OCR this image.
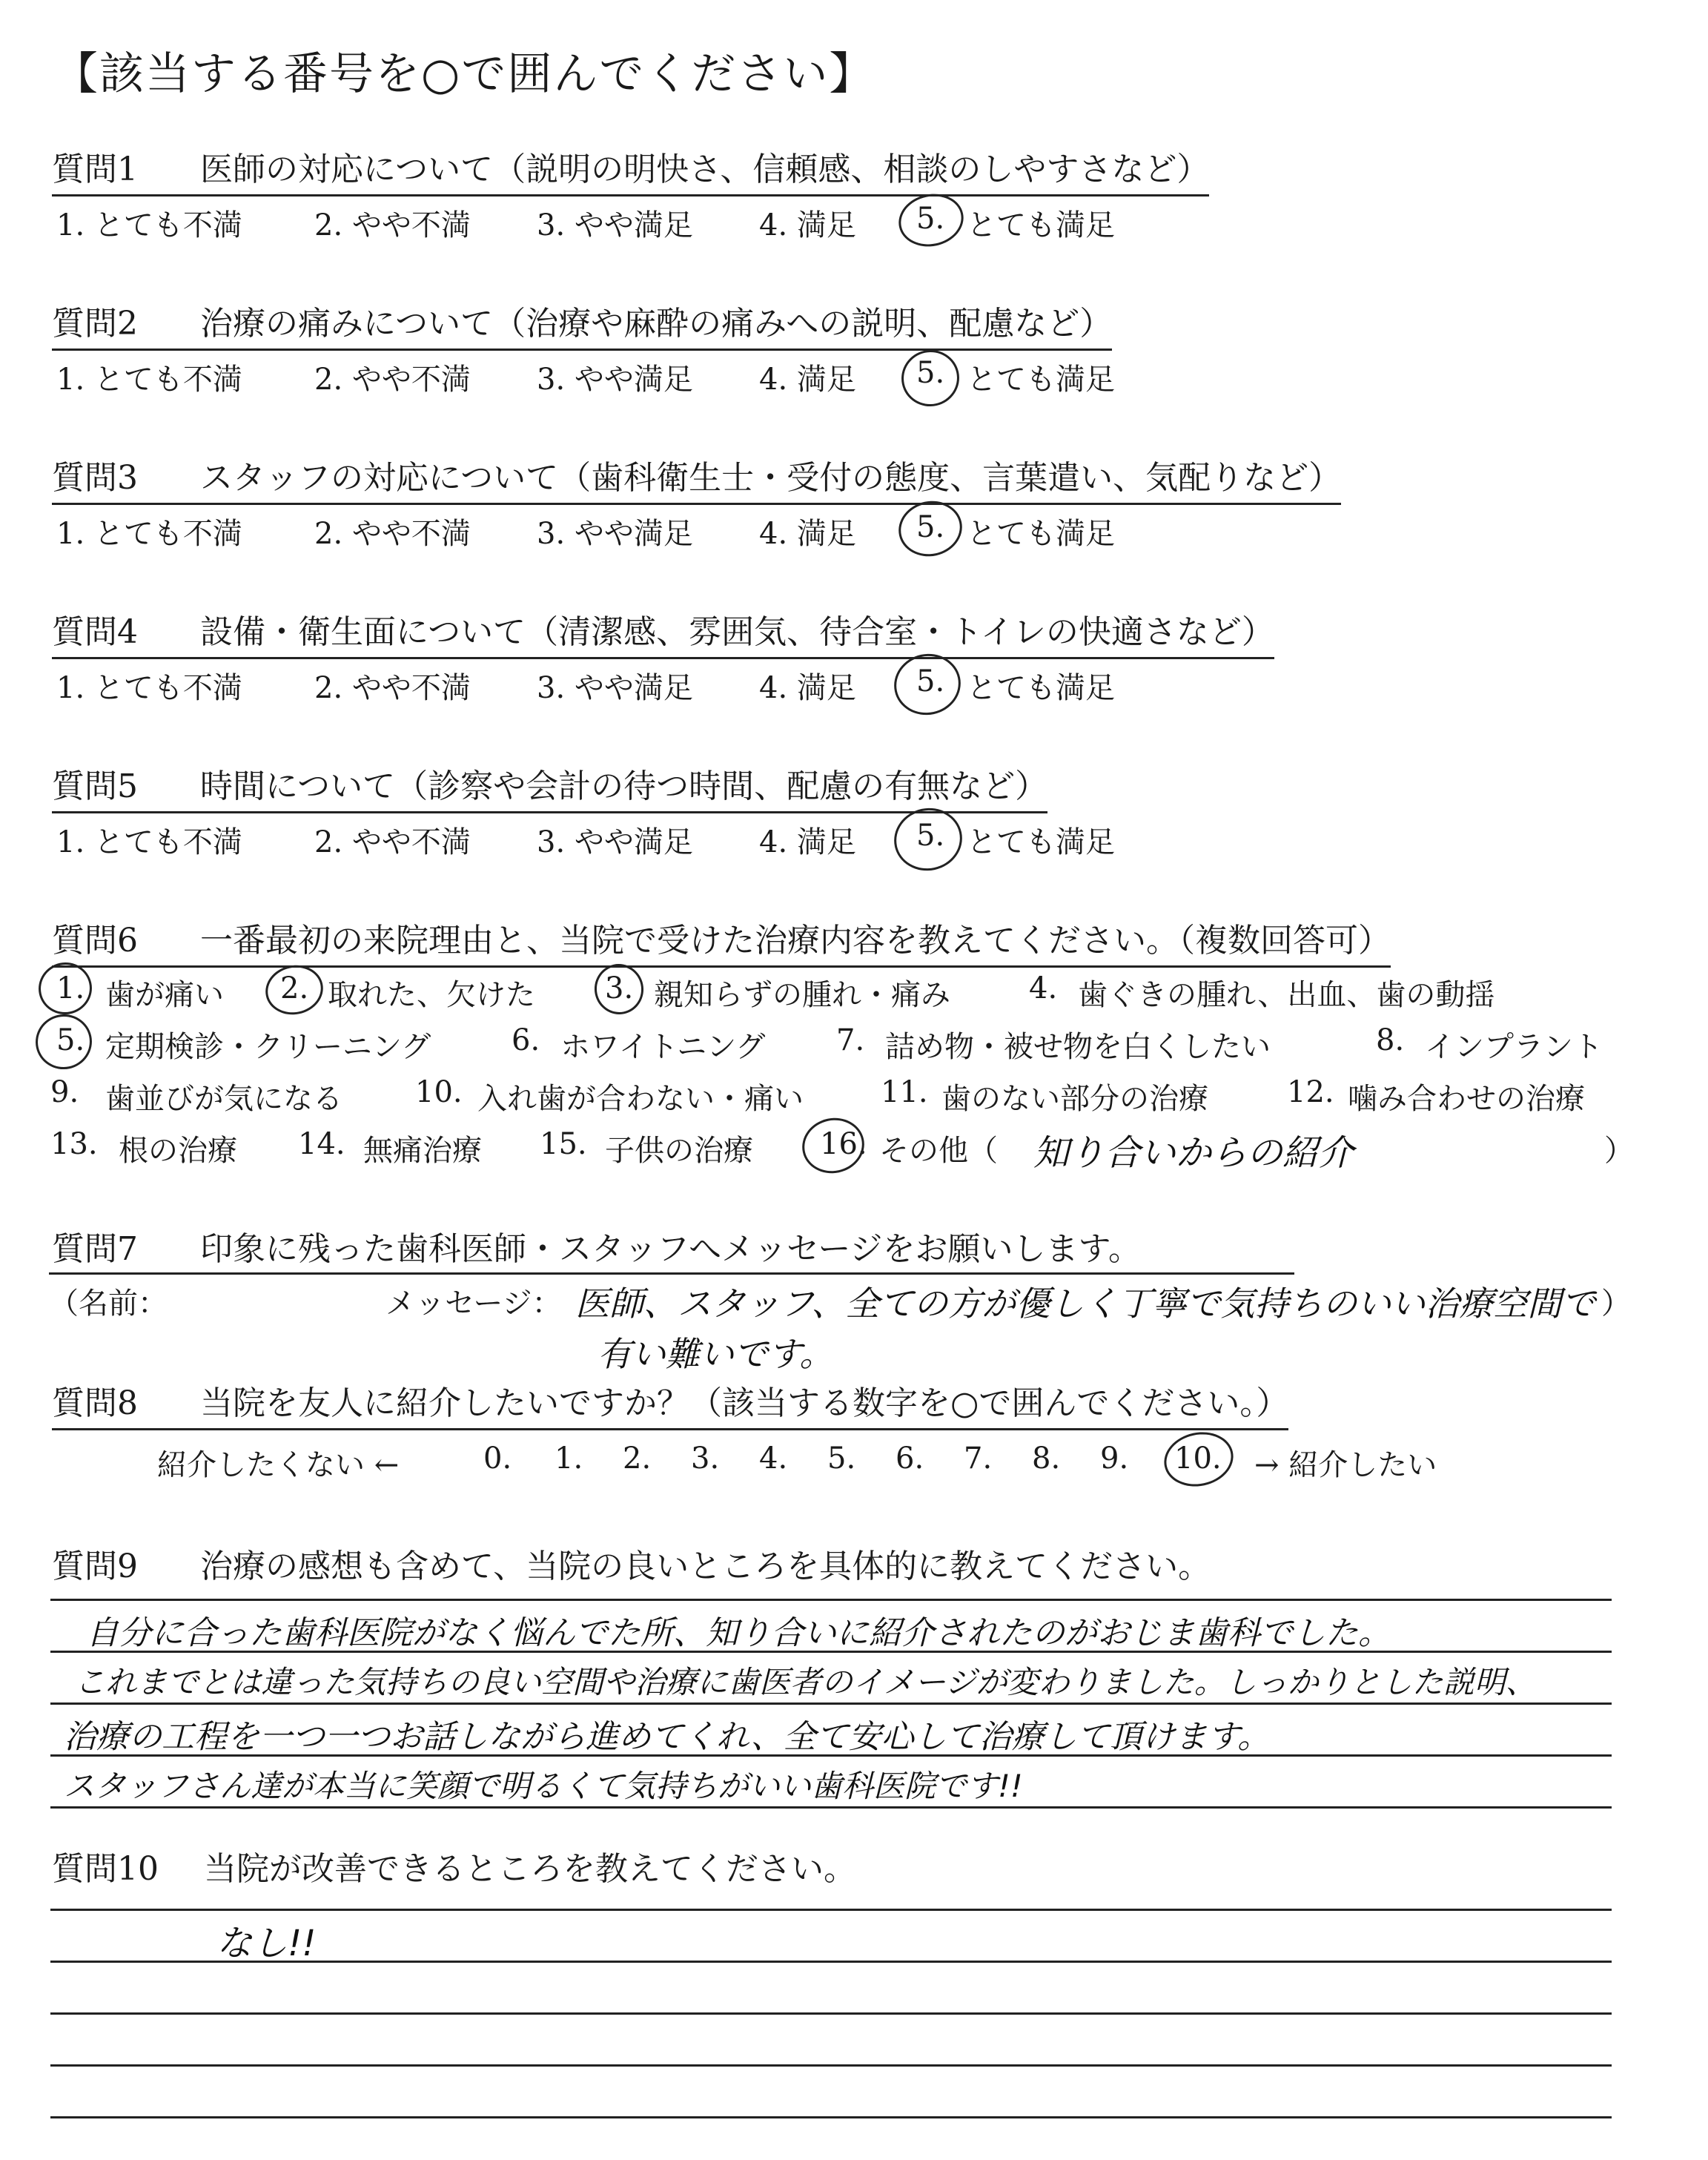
【該当する番号を○で囲んでください】
質問1 医師の対応について（説明の明快さ、信頼感、相談のしやすさなど）
1. とても不満 2. やや不満 3. やや満足 4. 満足 5. とても満足
質問2 治療の痛みについて（治療や麻酔の痛みへの説明、配慮など）
1. とても不満 2. やや不満 3. やや満足 4. 満足 5. とても満足
質問3 スタッフの対応について（歯科衛生士・受付の態度、言葉遣い、気配りなど）
1. とても不満 2. やや不満 3. やや満足 4. 満足 5. とても満足
質問4 設備・衛生面について（清潔感、雰囲気、待合室・トイレの快適さなど）
1. とても不満 2. やや不満 3. やや満足 4. 満足 5. とても満足
質問5 時間について（診察や会計の待つ時間、配慮の有無など）
1. とても不満 2. やや不満 3. やや満足 4. 満足 5. とても満足
質問6 一番最初の来院理由と、当院で受けた治療内容を教えてください。（複数回答可）
1. 歯が痛い 2. 取れた、欠けた 3. 親知らずの腫れ・痛み	4. 歯ぐきの腫れ、出血、歯の動揺
5. 定期検診・クリーニング	6. ホワイトニング 7. 詰め物・被せ物を白くしたい	8. インプラント
9. 歯並びが気になる 10. 入れ歯が合わない・痛い	11. 歯のない部分の治療	12. 噛み合わせの治療
13. 根の治療 14. 無痛治療 15. 子供の治療 16. その他（ 知り合いからの紹介	）
質問7 印象に残った歯科医師・スタッフへメッセージをお願いします。
（名前：	メッセージ： 医師、スタッフ、全ての方が優しく丁寧で気持ちのいい治療空間で
有い難いです。
）
質問8 当院を友人に紹介したいですか？（該当する数字を○で囲んでください。）
紹介したくない ←	0. 1. 2. 3. 4. 5. 6. 7. 8. 9. 10. → 紹介したい
質問9 治療の感想も含めて、当院の良いところを具体的に教えてください。
自分に合った歯科医院がなく悩んでた所、知り合いに紹介されたのがおじま歯科でした。
これまでとは違った気持ちの良い空間や治療に歯医者のイメージが変わりました。しっかりとした説明、
治療の工程を一つ一つお話しながら進めてくれ、全て安心して治療して頂けます。
スタッフさん達が本当に笑顔で明るくて気持ちがいい歯科医院です!!
質問10 当院が改善できるところを教えてください。
なし!!
